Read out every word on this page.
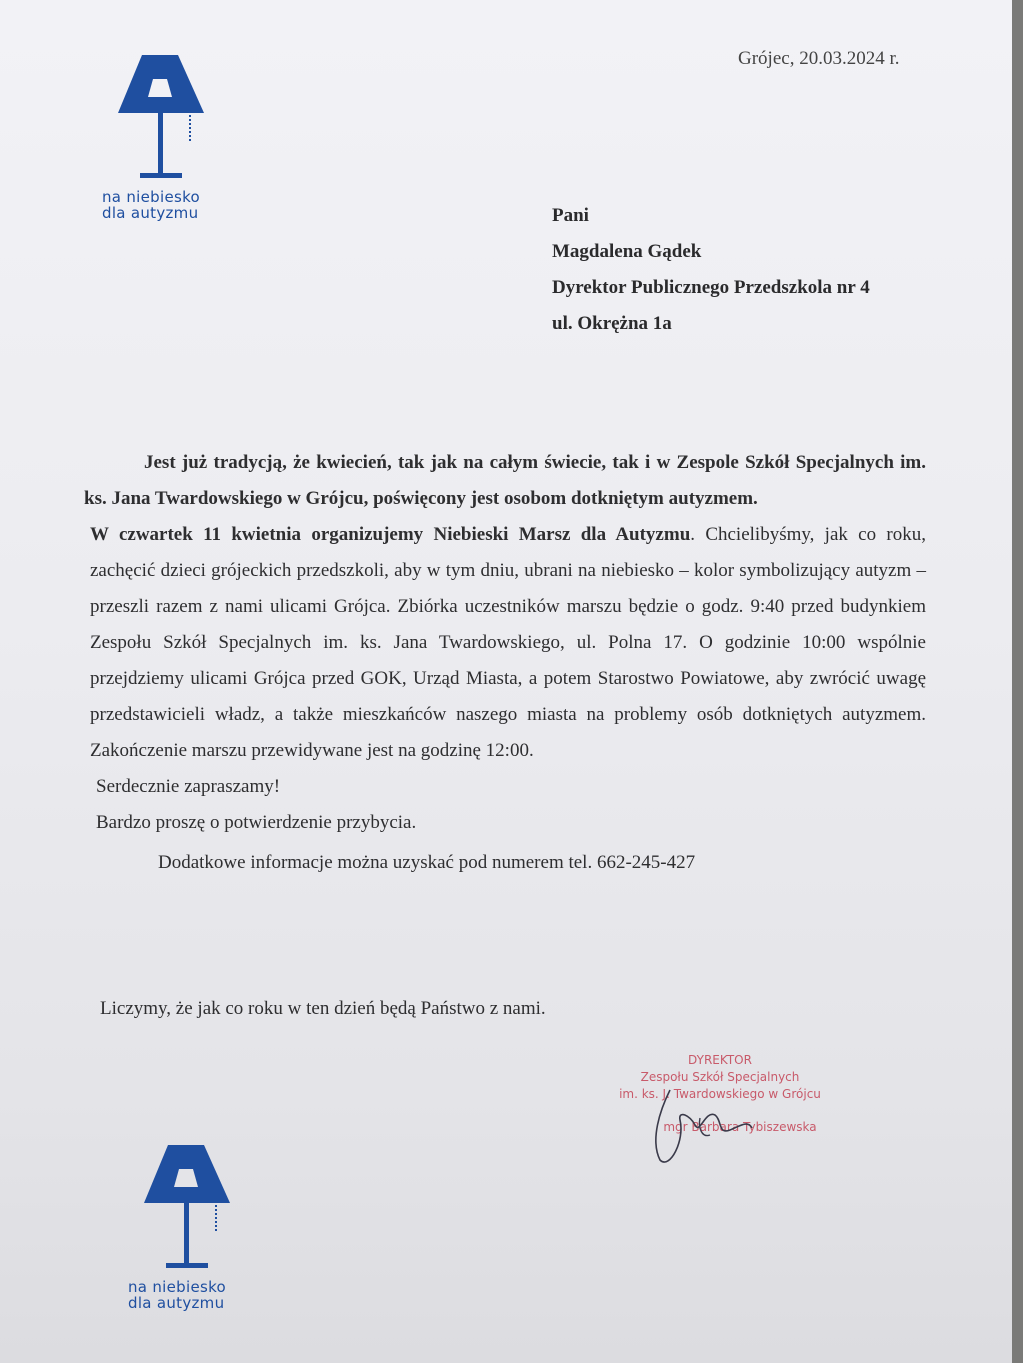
na niebiesko
dla autyzmu
Grójec, 20.03.2024 r.
Pani
Magdalena Gądek
Dyrektor Publicznego Przedszkola nr 4
ul. Okrężna 1a

Jest już tradycją, że kwiecień, tak jak na całym świecie, tak i w Zespole Szkół Specjalnych im. ks. Jana Twardowskiego w Grójcu, poświęcony jest osobom dotkniętym autyzmem.

W czwartek 11 kwietnia organizujemy Niebieski Marsz dla Autyzmu. Chcielibyśmy, jak co roku, zachęcić dzieci grójeckich przedszkoli, aby w tym dniu, ubrani na niebiesko – kolor symbolizujący autyzm – przeszli razem z nami ulicami Grójca. Zbiórka uczestników marszu będzie o godz. 9:40 przed budynkiem Zespołu Szkół Specjalnych im. ks. Jana Twardowskiego, ul. Polna 17. O godzinie 10:00 wspólnie przejdziemy ulicami Grójca przed GOK, Urząd Miasta, a potem Starostwo Powiatowe, aby zwrócić uwagę przedstawicieli władz, a także mieszkańców naszego miasta na problemy osób dotkniętych autyzmem. Zakończenie marszu przewidywane jest na godzinę 12:00.

Serdecznie zapraszamy!

Bardzo proszę o potwierdzenie przybycia.

Dodatkowe informacje można uzyskać pod numerem tel. 662-245-427

Liczymy, że jak co roku w ten dzień będą Państwo z nami.
DYREKTOR
Zespołu Szkół Specjalnych
im. ks. J. Twardowskiego w Grójcu
mgr Barbara Tybiszewska
na niebiesko
dla autyzmu
